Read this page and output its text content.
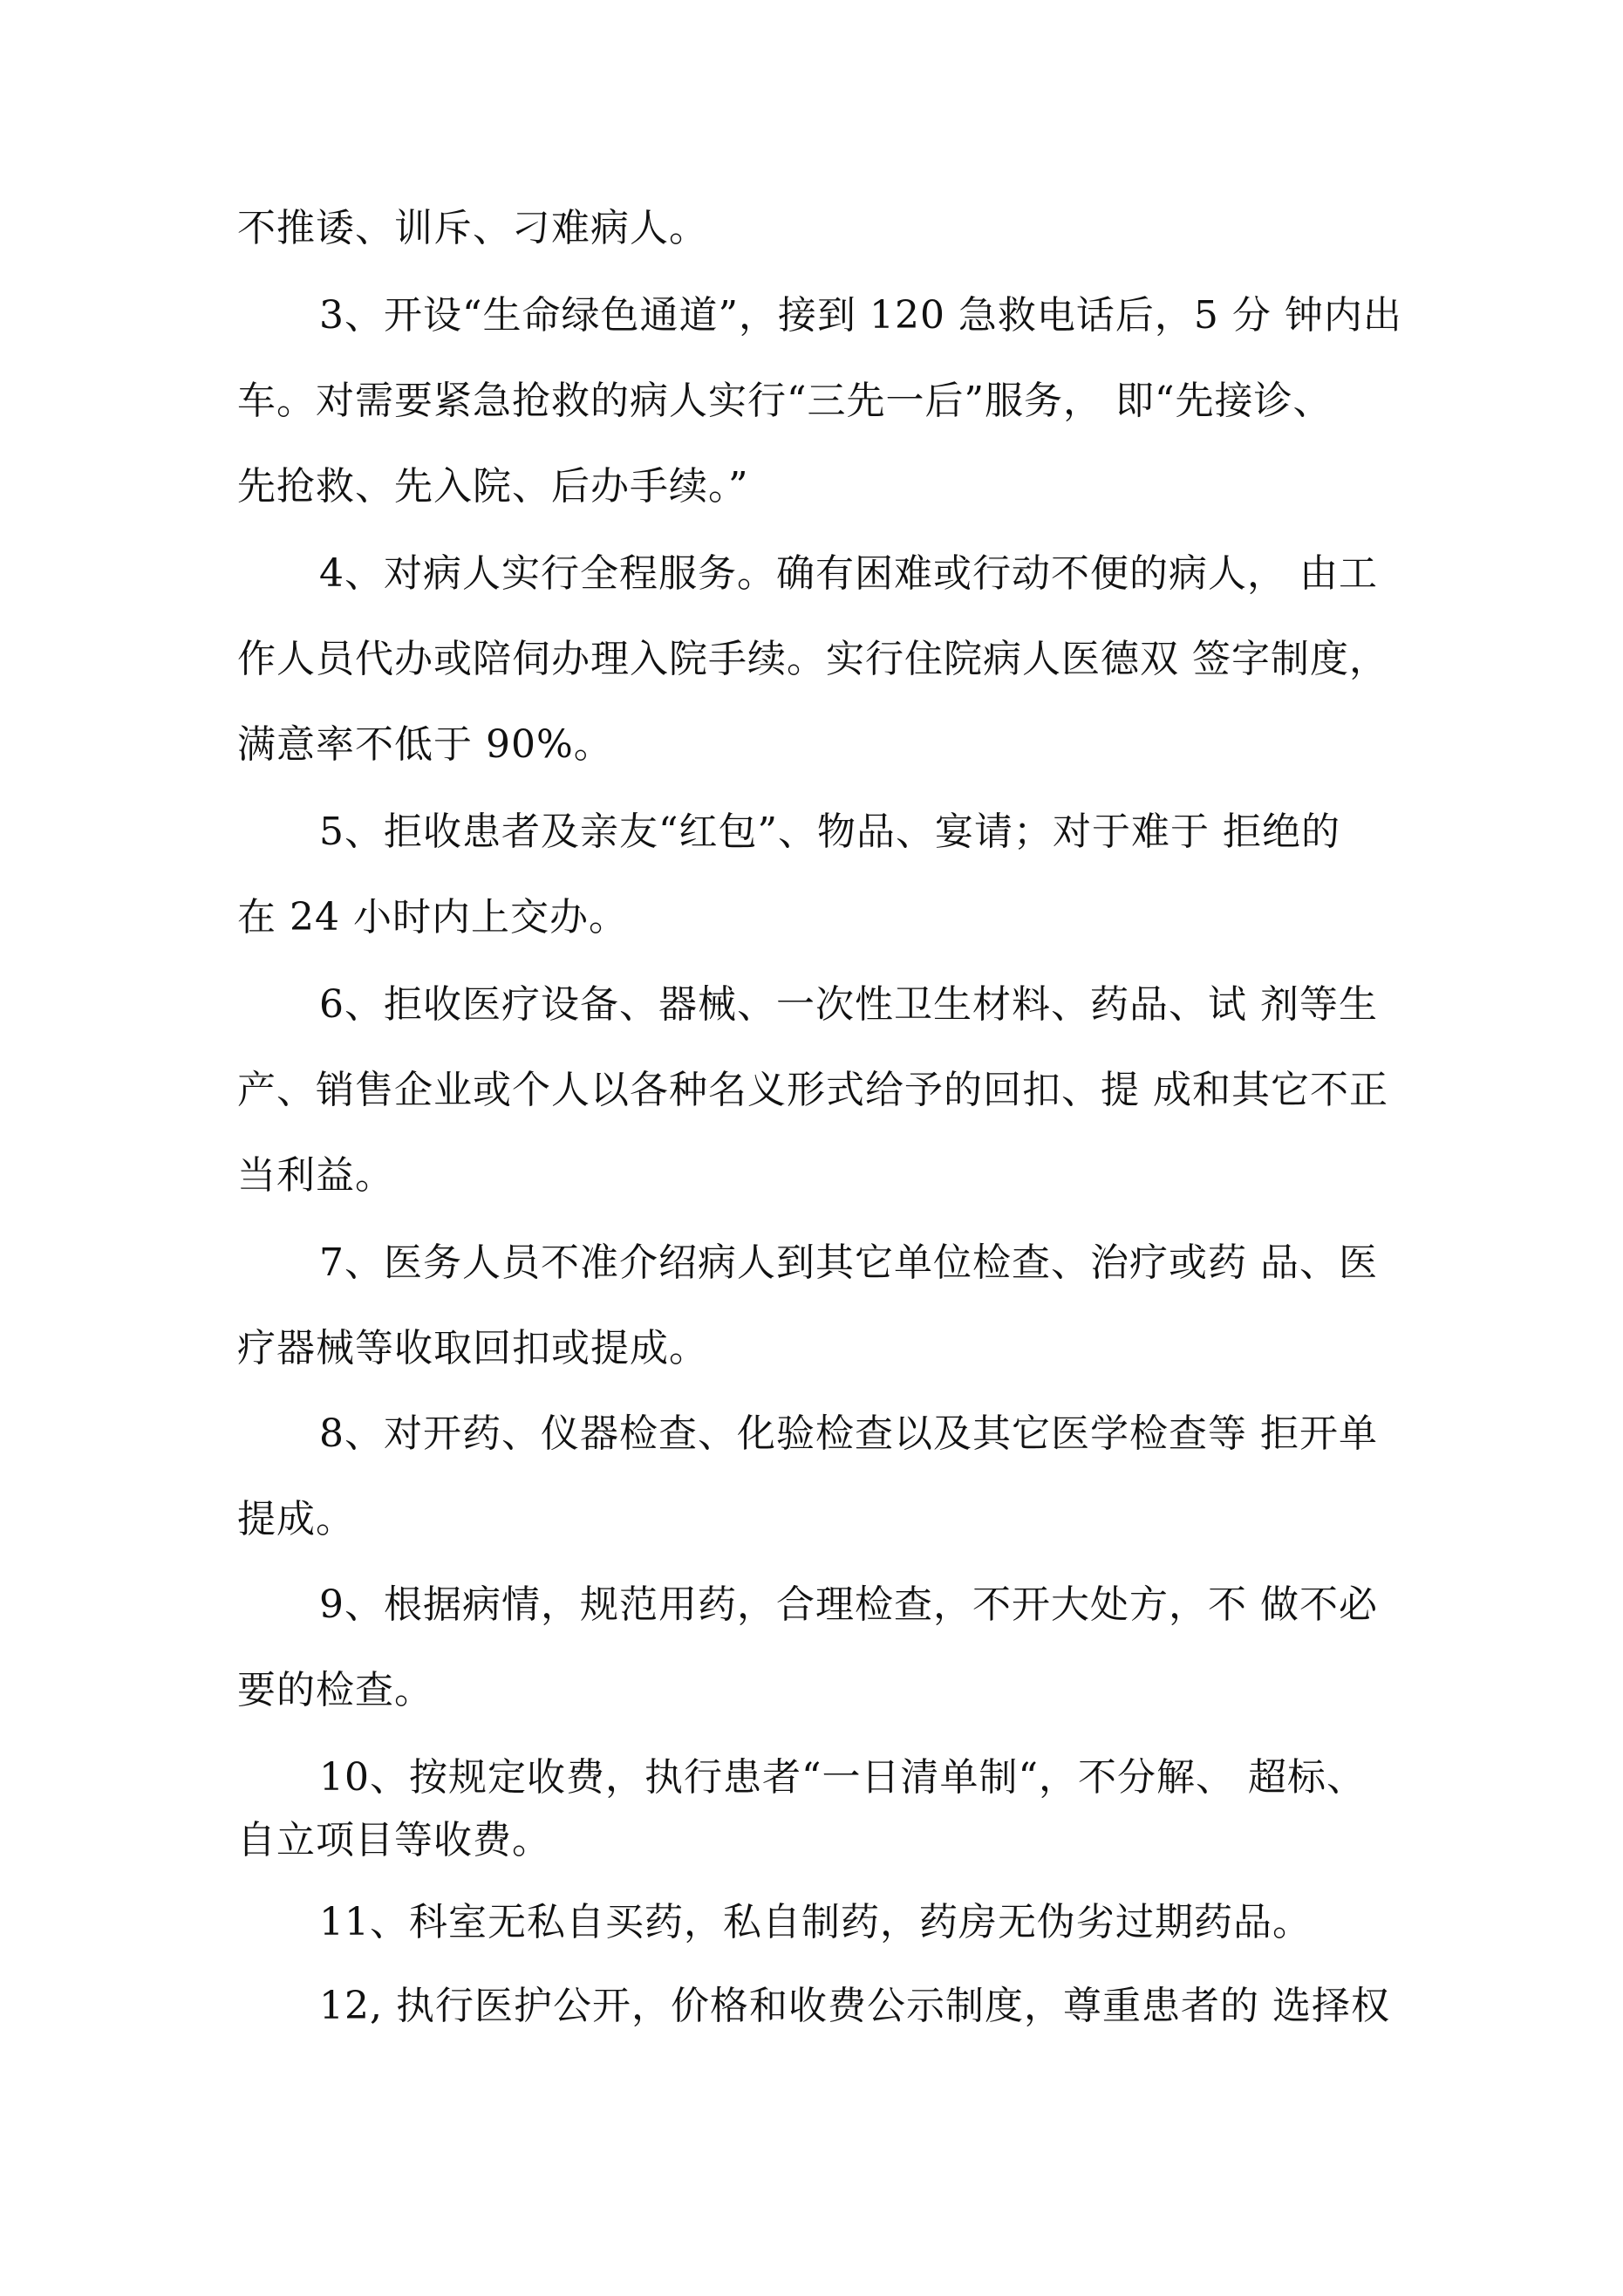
不推诿、训斥、刁难病人。
3、开设“生命绿色通道”，接到 120 急救电话后，5 分 钟内出
车。对需要紧急抢救的病人实行“三先一后”服务， 即“先接诊、
先抢救、先入院、后办手续。”
4、对病人实行全程服务。确有困难或行动不便的病人， 由工
作人员代办或陪伺办理入院手续。实行住院病人医德双 签字制度，
满意率不低于 90%。
5、拒收患者及亲友“红包”、物品、宴请；对于难于 拒绝的
在 24 小时内上交办。
6、拒收医疗设备、器械、一次性卫生材料、药品、试 剂等生
产、销售企业或个人以各种名义形式给予的回扣、提 成和其它不正
当利益。
7、医务人员不准介绍病人到其它单位检查、治疗或药 品、医
疗器械等收取回扣或提成。
8、对开药、仪器检查、化验检查以及其它医学检查等 拒开单
提成。
9、根据病情，规范用药，合理检查，不开大处方，不 做不必
要的检查。
10、按规定收费，执行患者“一日清单制“，不分解、 超标、
自立项目等收费。
11、科室无私自买药，私自制药，药房无伪劣过期药品。
12, 执行医护公开，价格和收费公示制度，尊重患者的 选择权
